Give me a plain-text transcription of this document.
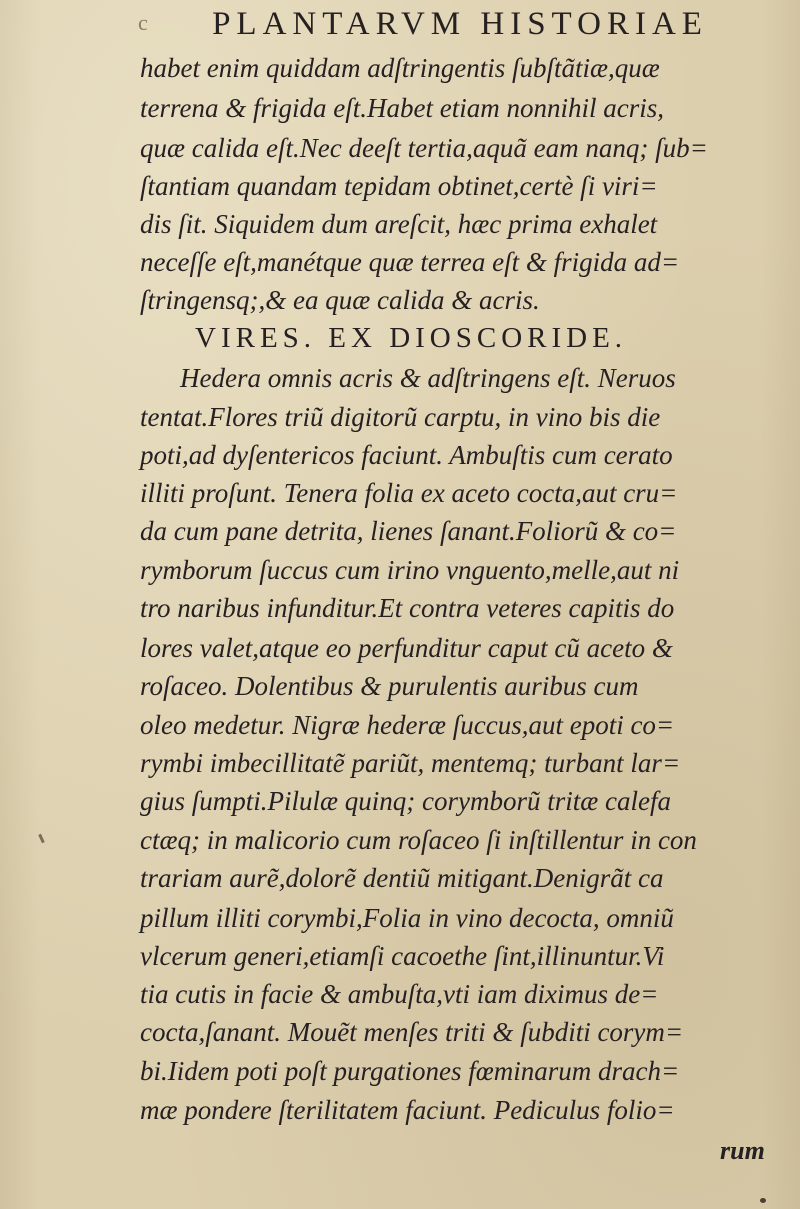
c	PLANTARVM HISTORIAE
habet enim quiddam adſtringentis ſubſtãtiæ,quæ
terrena & frigida eſt.Habet etiam nonnihil acris,
quæ calida eſt.Nec deeſt tertia,aquã eam nanq; ſub=
ſtantiam quandam tepidam obtinet,certè ſi viri=
dis ſit. Siquidem dum areſcit, hæc prima exhalet
neceſſe eſt,manétque quæ terrea eſt & frigida ad=
ſtringensq;,& ea quæ calida & acris.
VIRES. EX DIOSCORIDE.
Hedera omnis acris & adſtringens eſt. Neruos
tentat.Flores triũ digitorũ carptu, in vino bis die
poti,ad dyſentericos faciunt. Ambuſtis cum cerato
illiti proſunt. Tenera folia ex aceto cocta,aut cru=
da cum pane detrita, lienes ſanant.Foliorũ & co=
rymborum ſuccus cum irino vnguento,melle,aut ni
tro naribus infunditur.Et contra veteres capitis do
lores valet,atque eo perfunditur caput cũ aceto &
roſaceo. Dolentibus & purulentis auribus cum
oleo medetur. Nigræ hederæ ſuccus,aut epoti co=
rymbi imbecillitatẽ pariũt, mentemq; turbant lar=
gius ſumpti.Pilulæ quinq; corymborũ tritæ calefa
ctæq; in malicorio cum roſaceo ſi inſtillentur in con
trariam aurẽ,dolorẽ dentiũ mitigant.Denigrãt ca
pillum illiti corymbi,Folia in vino decocta, omniũ
vlcerum generi,etiamſi cacoethe ſint,illinuntur.Vi
tia cutis in facie & ambuſta,vti iam diximus de=
cocta,ſanant. Mouẽt menſes triti & ſubditi corym=
bi.Iidem poti poſt purgationes fœminarum drach=
mæ pondere ſterilitatem faciunt. Pediculus folio=
rum
